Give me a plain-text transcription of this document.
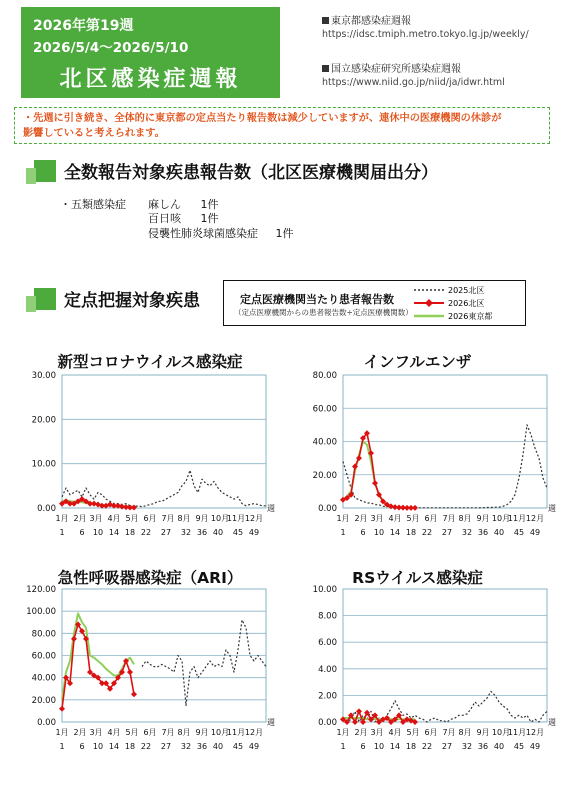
2026年第19週
2026/5/4～2026/5/10
北区感染症週報
東京都感染症週報
https://idsc.tmiph.metro.tokyo.lg.jp/weekly/
国立感染症研究所感染症週報
https://www.niid.go.jp/niid/ja/idwr.html
・先週に引き続き、全体的に東京都の定点当たり報告数は減少していますが、連休中の医療機関の休診が
影響していると考えられます。
全数報告対象疾患報告数（北区医療機関届出分）
・五類感染症 麻しん 1件
百日咳 1件
侵襲性肺炎球菌感染症 1件
定点把握対象疾患	定点医療機関当たり患者報告数
（定点医療機関からの患者報告数÷定点医療機関数）
2025北区
2026北区
2026東京都
新型コロナウイルス感染症	インフルエンザ
急性呼吸器感染症（ARI）	RSウイルス感染症
0.00
10.00
20.00
30.00
1月 2月 3月 4月 5月 6月 7月 8月 9月 10月
11月 12月
1 6 10 14 18 22 27 32 36 40 45 49
週	0.00
20.00
40.00
60.00
80.00
1月 2月 3月 4月 5月 6月 7月 8月 9月 10月
11月 12月
1 6 10 14 18 22 27 32 36 40 45 49
週
0.00
20.00
40.00
60.00
80.00
100.00
120.00
1月 2月 3月 4月 5月 6月 7月 8月 9月 10月
11月 12月
1 6 10 14 18 22 27 32 36 40 45 49
週	0.00
2.00
4.00
6.00
8.00
10.00
1月 2月 3月 4月 5月 6月 7月 8月 9月 10月
11月 12月
1 6 10 14 18 22 27 32 36 40 45 49
週
